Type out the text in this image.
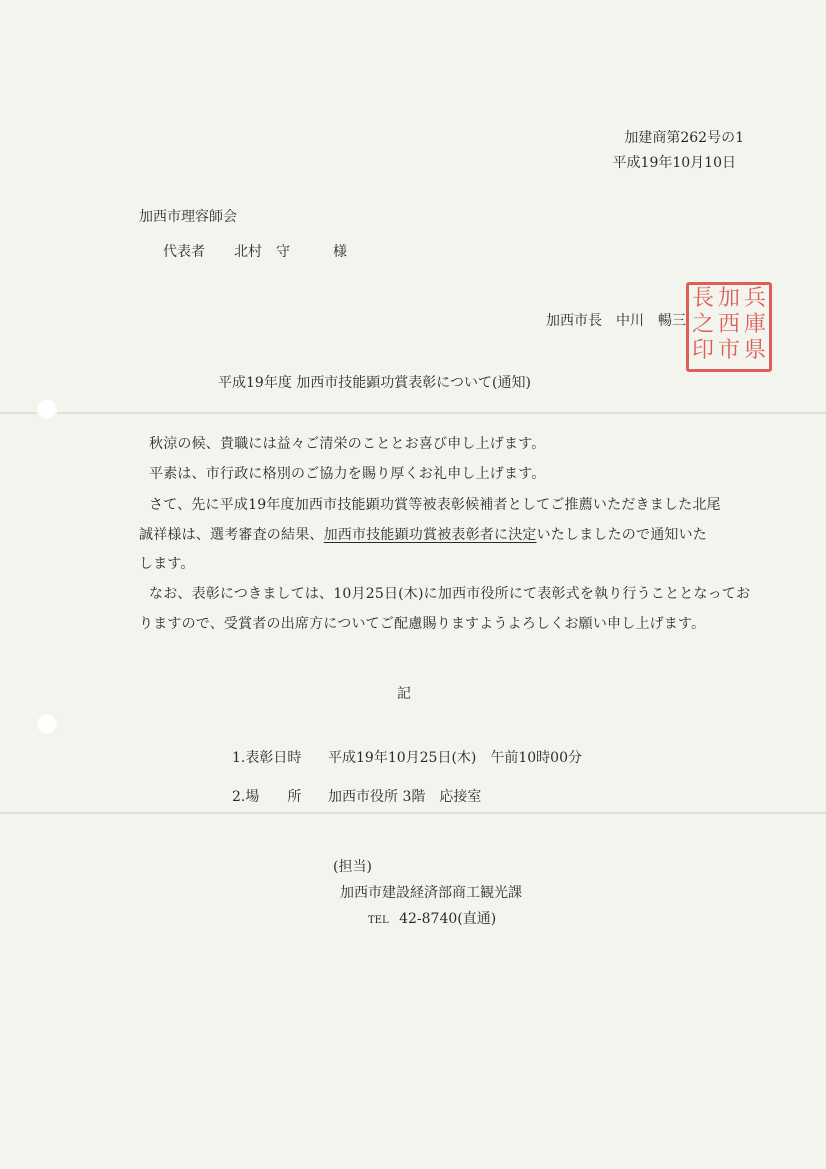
加建商第262号の1
平成19年10月10日
加西市理容師会
代表者 北村　守	様
加西市長 中川　暢三
兵
庫
県
加
西
市
長
之
印
平成19年度 加西市技能顕功賞表彰について(通知)
秋涼の候、貴職には益々ご清栄のこととお喜び申し上げます。
平素は、市行政に格別のご協力を賜り厚くお礼申し上げます。
さて、先に平成19年度加西市技能顕功賞等被表彰候補者としてご推薦いただきました北尾
誠祥様は、選考審査の結果、加西市技能顕功賞被表彰者に決定いたしましたので通知いた
します。
なお、表彰につきましては、10月25日(木)に加西市役所にて表彰式を執り行うこととなってお
りますので、受賞者の出席方についてご配慮賜りますようよろしくお願い申し上げます。
記
1.表彰日時 平成19年10月25日(木)　午前10時00分
2.場　　所 加西市役所 3階　応接室
(担当)
加西市建設経済部商工観光課
TEL 42-8740(直通)
